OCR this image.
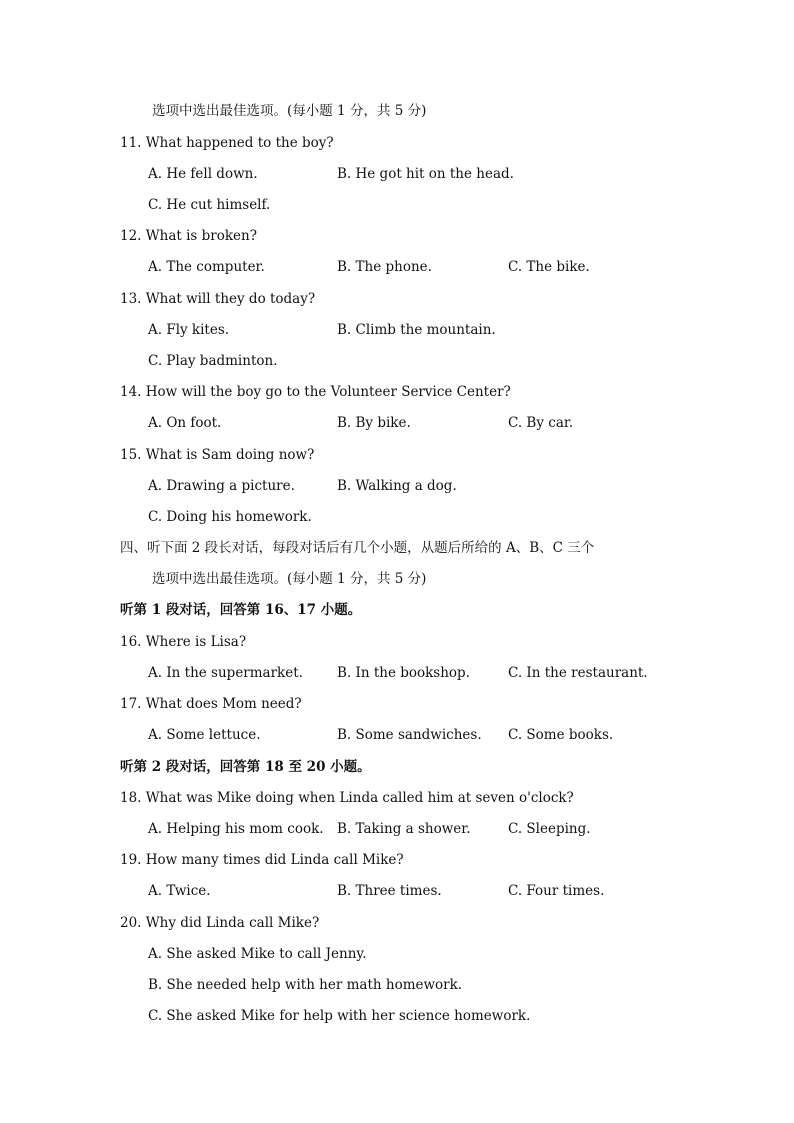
选项中选出最佳选项。(每小题 1 分，共 5 分)
11. What happened to the boy?
A. He fell down.	B. He got hit on the head.
C. He cut himself.
12. What is broken?
A. The computer.	B. The phone.	C. The bike.
13. What will they do today?
A. Fly kites.	B. Climb the mountain.
C. Play badminton.
14. How will the boy go to the Volunteer Service Center?
A. On foot.	B. By bike.	C. By car.
15. What is Sam doing now?
A. Drawing a picture.	B. Walking a dog.
C. Doing his homework.
四、听下面 2 段长对话，每段对话后有几个小题，从题后所给的 A、B、C 三个
选项中选出最佳选项。(每小题 1 分，共 5 分)
听第 1 段对话，回答第 16、17 小题。
16. Where is Lisa?
A. In the supermarket.	B. In the bookshop.	C. In the restaurant.
17. What does Mom need?
A. Some lettuce.	B. Some sandwiches. C. Some books.
听第 2 段对话，回答第 18 至 20 小题。
18. What was Mike doing when Linda called him at seven o'clock?
A. Helping his mom cook. B. Taking a shower.	C. Sleeping.
19. How many times did Linda call Mike?
A. Twice.	B. Three times.	C. Four times.
20. Why did Linda call Mike?
A. She asked Mike to call Jenny.
B. She needed help with her math homework.
C. She asked Mike for help with her science homework.
